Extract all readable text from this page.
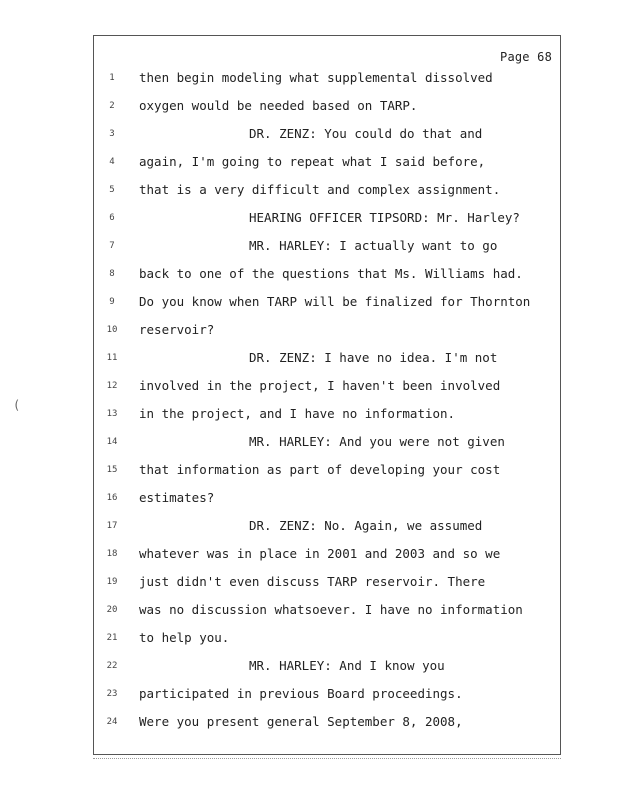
Page 68
1	then begin modeling what supplemental dissolved
2	oxygen would be needed based on TARP.
3	DR. ZENZ: You could do that and
4	again, I'm going to repeat what I said before,
5	that is a very difficult and complex assignment.
6	HEARING OFFICER TIPSORD: Mr. Harley?
7	MR. HARLEY: I actually want to go
8	back to one of the questions that Ms. Williams had.
9	Do you know when TARP will be finalized for Thornton
10 reservoir?
11	DR. ZENZ: I have no idea. I'm not
12 involved in the project, I haven't been involved
13 in the project, and I have no information.
14	MR. HARLEY: And you were not given
15 that information as part of developing your cost
16 estimates?
17	DR. ZENZ: No. Again, we assumed
18 whatever was in place in 2001 and 2003 and so we
19 just didn't even discuss TARP reservoir. There
20 was no discussion whatsoever. I have no information
21 to help you.
22	MR. HARLEY: And I know you
23 participated in previous Board proceedings.
24 Were you present general September 8, 2008,
(
